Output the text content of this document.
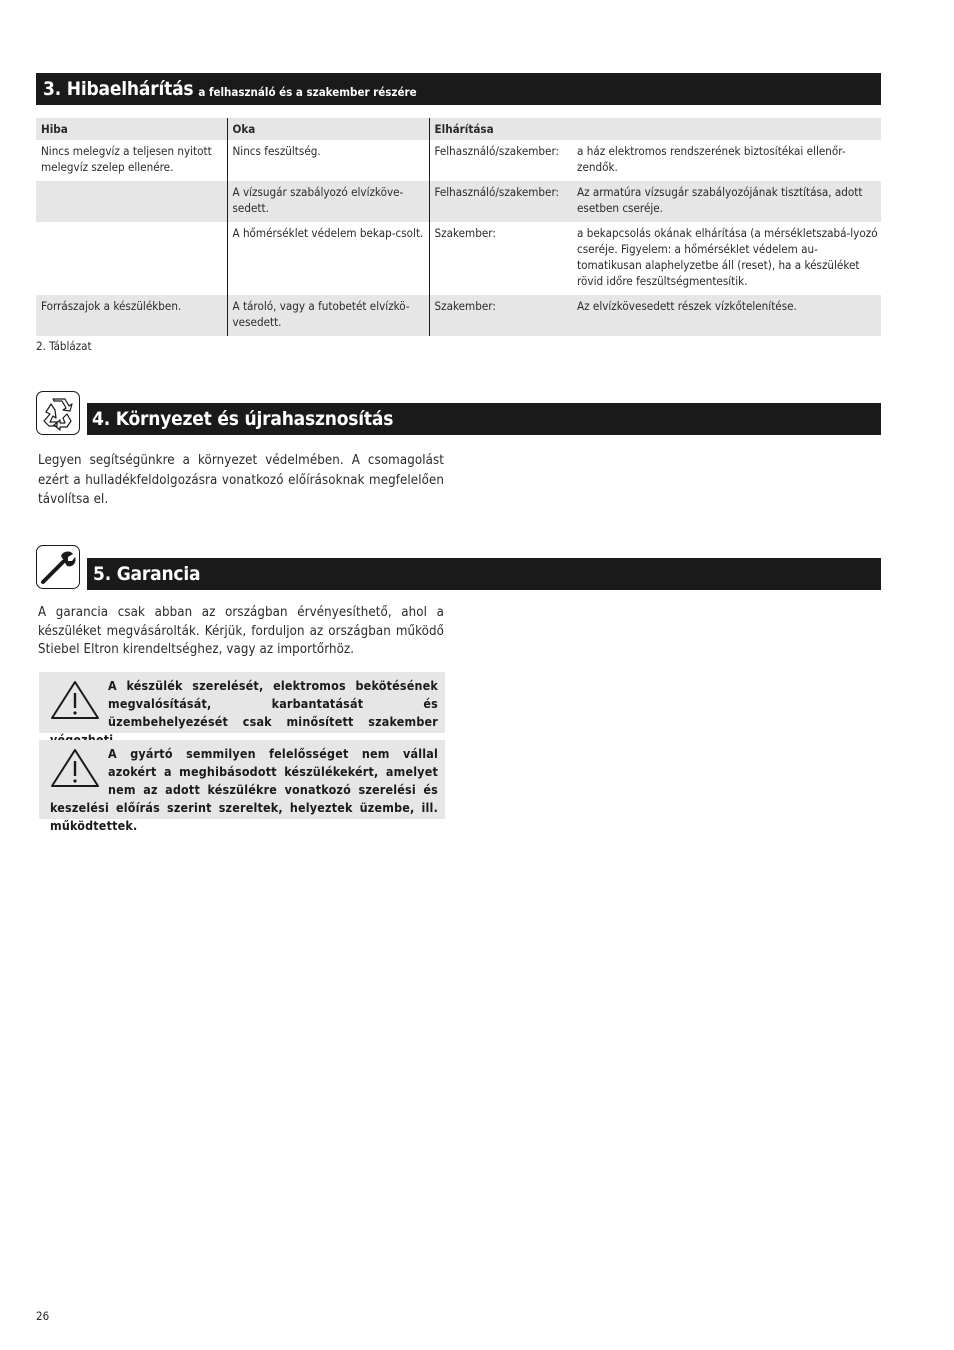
3. Hibaelhárítás a felhasználó és a szakember részére
Hiba	Oka	Elhárítása	
Nincs melegvíz a teljesen nyitott melegvíz szelep ellenére.	Nincs feszültség.	Felhasználó/szakember:	a ház elektromos rendszerének biztosítékai ellenőr-zendők.
	A vízsugár szabályozó elvízköve-sedett.	Felhasználó/szakember:	Az armatúra vízsugár szabályozójának tisztítása, adott esetben cseréje.
	A hőmérséklet védelem bekap-csolt.	Szakember:	a bekapcsolás okának elhárítása (a mérsékletszabá-lyozó cseréje. Figyelem: a hőmérséklet védelem au-tomatikusan alaphelyzetbe áll (reset), ha a készüléket rövid időre feszültségmentesítik.
Forrászajok a készülékben.	A tároló, vagy a futobetét elvízkö-vesedett.	Szakember:	Az elvízkövesedett részek vízkőtelenítése.
2. Táblázat
4. Környezet és újrahasznosítás
Legyen segítségünkre a környezet védelmében. A csomagolást ezért a hulladékfeldolgozásra vonatkozó előírásoknak megfelelően távolítsa el.
5. Garancia
A garancia csak abban az országban érvényesíthető, ahol a készüléket megvásárolták. Kérjük, forduljon az országban működő Stiebel Eltron kirendeltséghez, vagy az importőrhöz.
A készülék szerelését, elektromos bekötésének megvalósítását, karbantatását és üzembehelyezését csak minősített szakember
A gyártó semmilyen felelősséget nem vállal azokért a meghibásodott készülékekért, amelyet nem az adott készülékre vonatkozó szerelési és keszelési előírás szerint szereltek, helyeztek üzembe, ill. működtettek.
26
